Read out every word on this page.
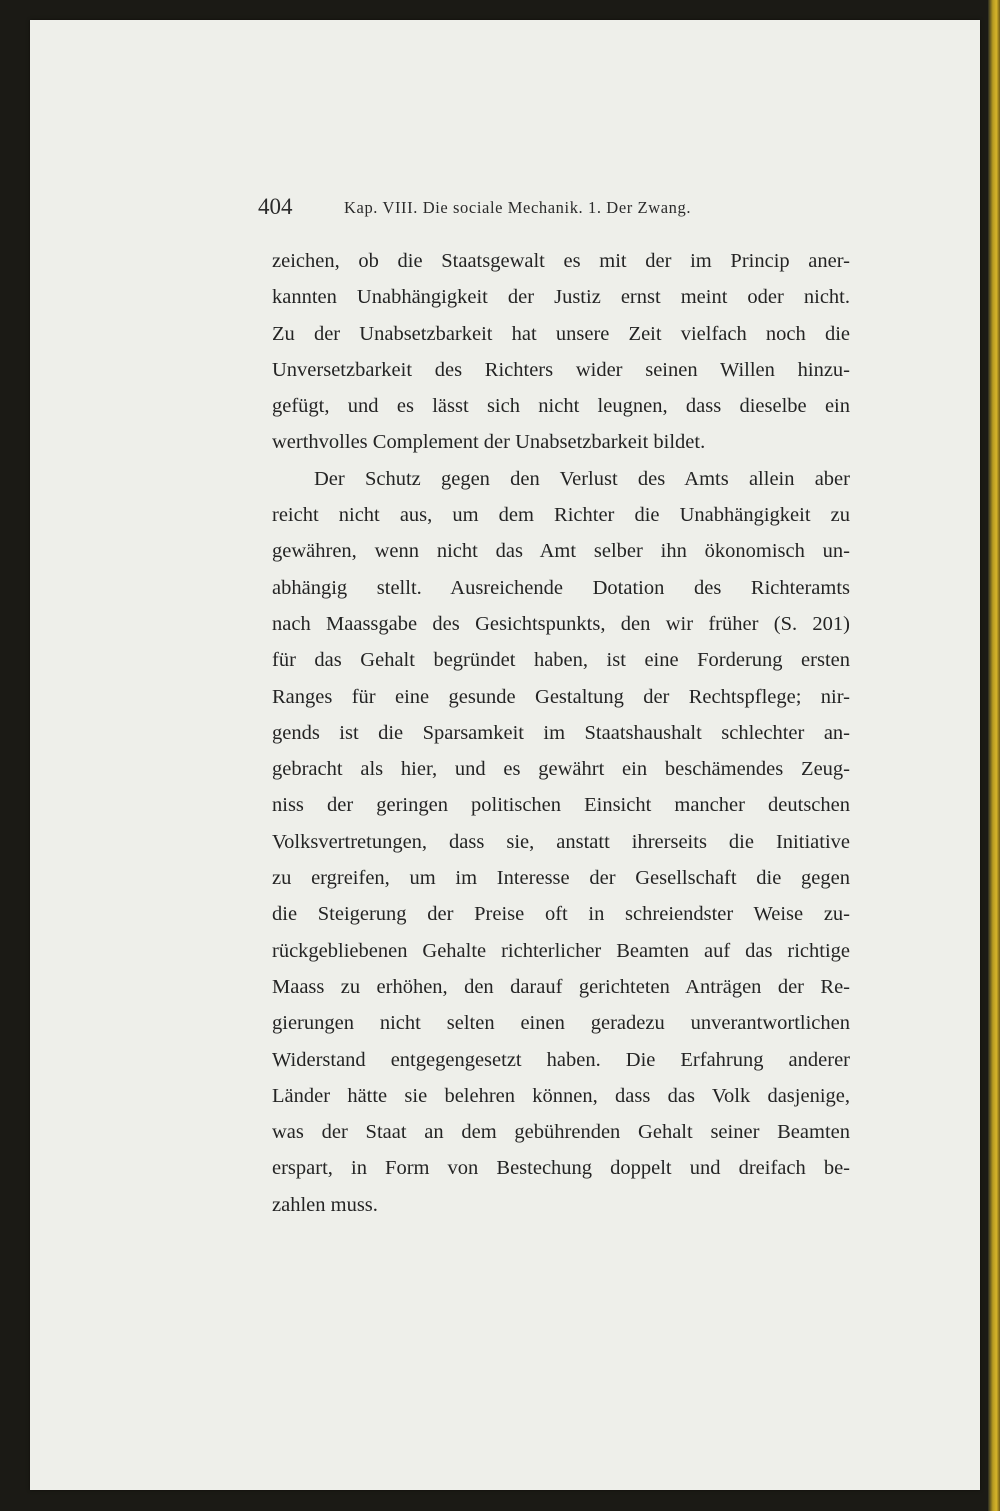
404	Kap. VIII. Die sociale Mechanik. 1. Der Zwang.
zeichen, ob die Staatsgewalt es mit der im Princip aner-
kannten Unabhängigkeit der Justiz ernst meint oder nicht.
Zu der Unabsetzbarkeit hat unsere Zeit vielfach noch die
Unversetzbarkeit des Richters wider seinen Willen hinzu-
gefügt, und es lässt sich nicht leugnen, dass dieselbe ein
werthvolles Complement der Unabsetzbarkeit bildet.
Der Schutz gegen den Verlust des Amts allein aber
reicht nicht aus, um dem Richter die Unabhängigkeit zu
gewähren, wenn nicht das Amt selber ihn ökonomisch un-
abhängig stellt. Ausreichende Dotation des Richteramts
nach Maassgabe des Gesichtspunkts, den wir früher (S. 201)
für das Gehalt begründet haben, ist eine Forderung ersten
Ranges für eine gesunde Gestaltung der Rechtspflege; nir-
gends ist die Sparsamkeit im Staatshaushalt schlechter an-
gebracht als hier, und es gewährt ein beschämendes Zeug-
niss der geringen politischen Einsicht mancher deutschen
Volksvertretungen, dass sie, anstatt ihrerseits die Initiative
zu ergreifen, um im Interesse der Gesellschaft die gegen
die Steigerung der Preise oft in schreiendster Weise zu-
rückgebliebenen Gehalte richterlicher Beamten auf das richtige
Maass zu erhöhen, den darauf gerichteten Anträgen der Re-
gierungen nicht selten einen geradezu unverantwortlichen
Widerstand entgegengesetzt haben. Die Erfahrung anderer
Länder hätte sie belehren können, dass das Volk dasjenige,
was der Staat an dem gebührenden Gehalt seiner Beamten
erspart, in Form von Bestechung doppelt und dreifach be-
zahlen muss.
